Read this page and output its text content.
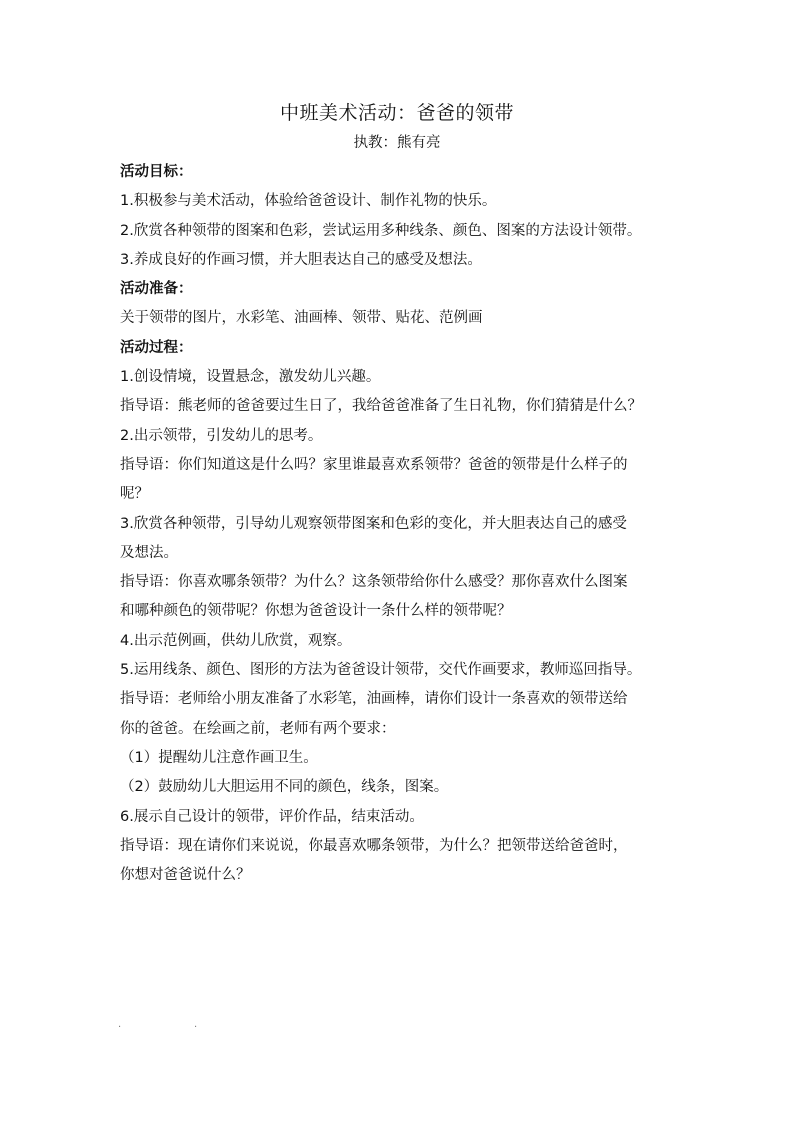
中班美术活动：爸爸的领带
执教：熊有亮

活动目标：

1.积极参与美术活动，体验给爸爸设计、制作礼物的快乐。

2.欣赏各种领带的图案和色彩，尝试运用多种线条、颜色、图案的方法设计领带。

3.养成良好的作画习惯，并大胆表达自己的感受及想法。

活动准备：

关于领带的图片，水彩笔、油画棒、领带、贴花、范例画

活动过程：

1.创设情境，设置悬念，激发幼儿兴趣。

指导语：熊老师的爸爸要过生日了，我给爸爸准备了生日礼物，你们猜猜是什么？

2.出示领带，引发幼儿的思考。

指导语：你们知道这是什么吗？家里谁最喜欢系领带？爸爸的领带是什么样子的

呢？

3.欣赏各种领带，引导幼儿观察领带图案和色彩的变化，并大胆表达自己的感受

及想法。

指导语：你喜欢哪条领带？为什么？这条领带给你什么感受？那你喜欢什么图案

和哪种颜色的领带呢？你想为爸爸设计一条什么样的领带呢？

4.出示范例画，供幼儿欣赏，观察。

5.运用线条、颜色、图形的方法为爸爸设计领带，交代作画要求，教师巡回指导。

指导语：老师给小朋友准备了水彩笔，油画棒，请你们设计一条喜欢的领带送给

你的爸爸。在绘画之前，老师有两个要求：

（1）提醒幼儿注意作画卫生。

（2）鼓励幼儿大胆运用不同的颜色，线条，图案。

6.展示自己设计的领带，评价作品，结束活动。

指导语：现在请你们来说说，你最喜欢哪条领带，为什么？把领带送给爸爸时，

你想对爸爸说什么？

·	·
